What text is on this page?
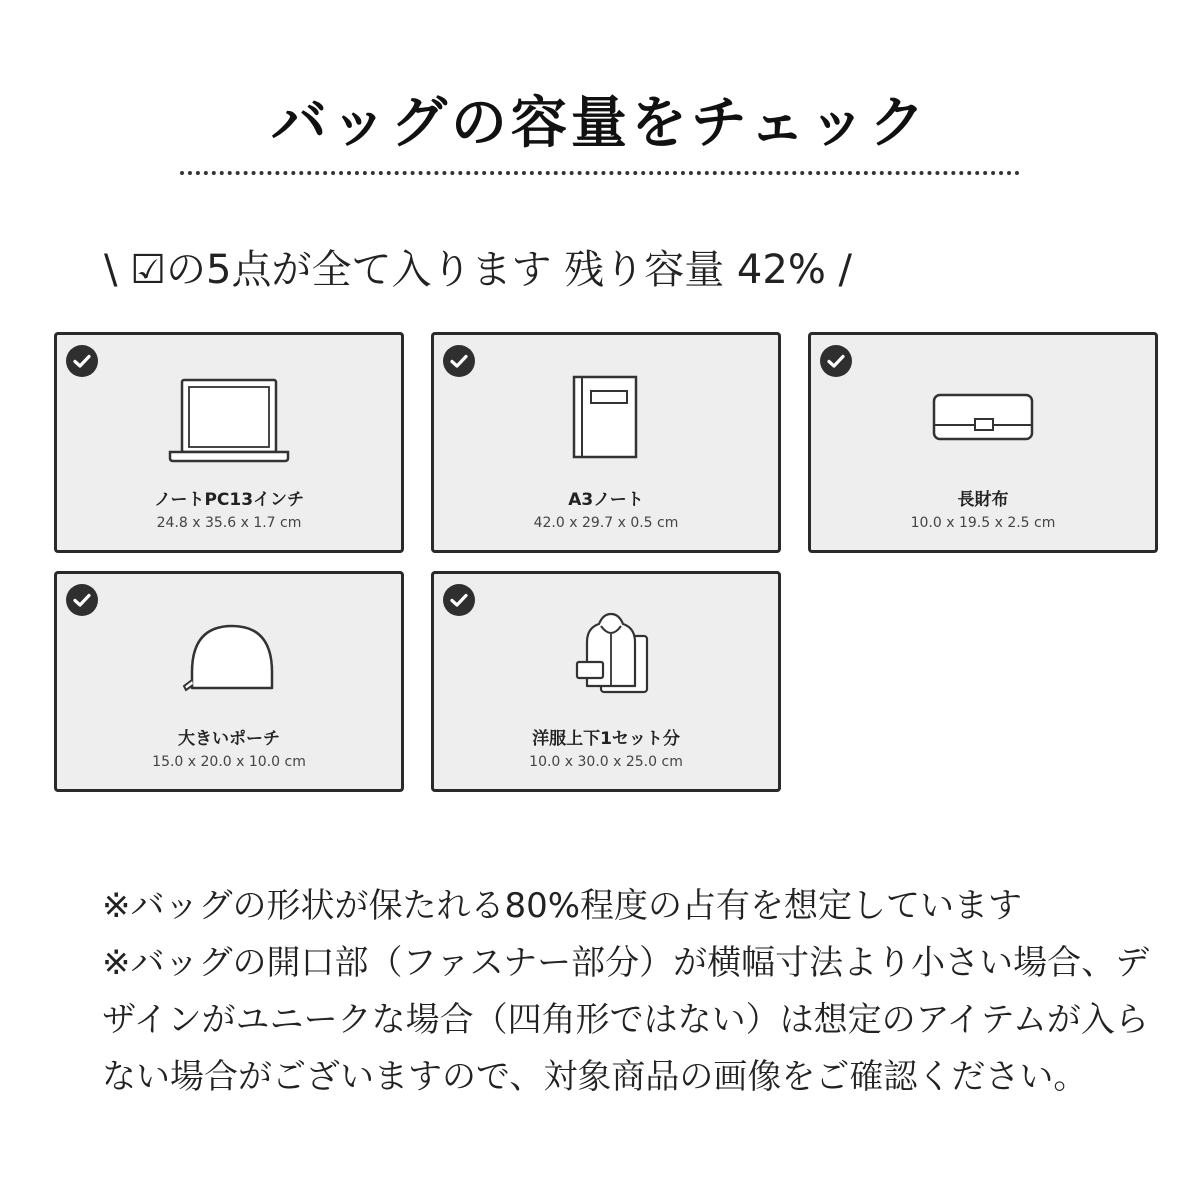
バッグの容量をチェック
\ ☑の5点が全て入ります 残り容量 42% /
ノートPC13インチ
24.8 x 35.6 x 1.7 cm
A3ノート
42.0 x 29.7 x 0.5 cm
長財布
10.0 x 19.5 x 2.5 cm
大きいポーチ
15.0 x 20.0 x 10.0 cm
洋服上下1セット分
10.0 x 30.0 x 25.0 cm

※バッグの形状が保たれる80%程度の占有を想定しています

※バッグの開口部（ファスナー部分）が横幅寸法より小さい場合、デザインがユニークな場合（四角形ではない）は想定のアイテムが入らない場合がございますので、対象商品の画像をご確認ください。
